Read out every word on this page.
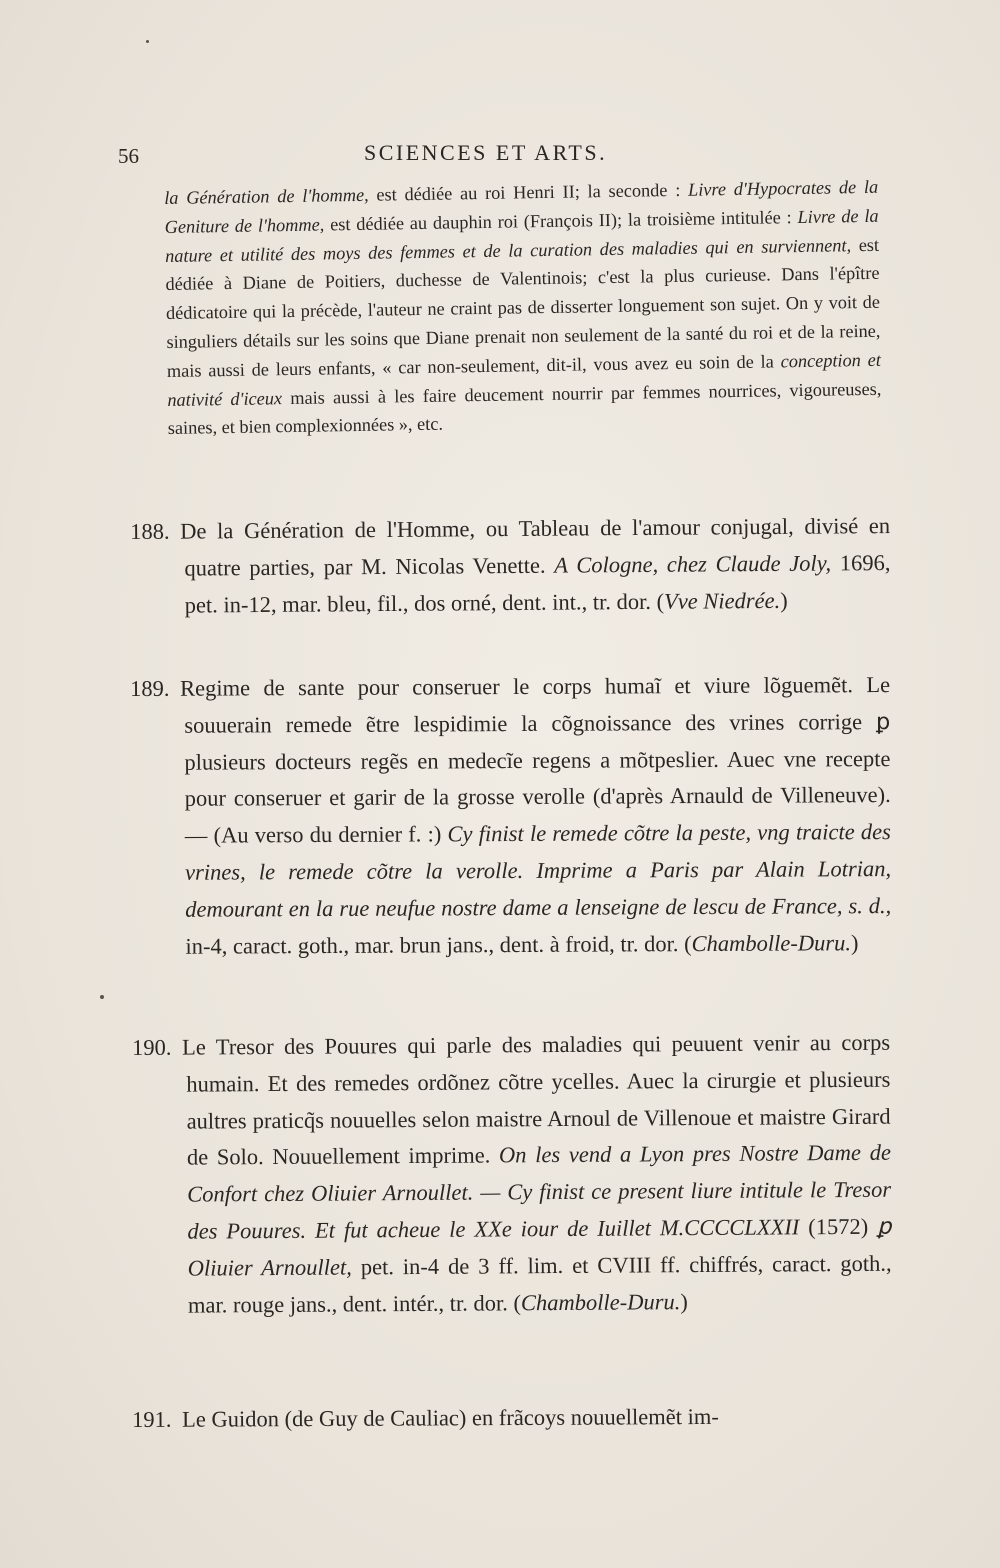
56	SCIENCES ET ARTS.

la Génération de l'homme, est dédiée au roi Henri II; la seconde : Livre d'Hypocrates de la Geniture de l'homme, est dédiée au dauphin roi (François II); la troisième intitulée : Livre de la nature et utilité des moys des femmes et de la curation des maladies qui en surviennent, est dédiée à Diane de Poitiers, duchesse de Valentinois; c'est la plus curieuse. Dans l'épître dédicatoire qui la précède, l'auteur ne craint pas de disserter longuement son sujet. On y voit de singuliers détails sur les soins que Diane prenait non seulement de la santé du roi et de la reine, mais aussi de leurs enfants, « car non-seulement, dit-il, vous avez eu soin de la conception et nativité d'iceux mais aussi à les faire deucement nourrir par femmes nourrices, vigoureuses, saines, et bien complexionnées », etc.

188. De la Génération de l'Homme, ou Tableau de l'amour conjugal, divisé en quatre parties, par M. Nicolas Venette. A Cologne, chez Claude Joly, 1696, pet. in-12, mar. bleu, fil., dos orné, dent. int., tr. dor. (Vve Niedrée.)

189. Regime de sante pour conseruer le corps humaĩ et viure lõguemẽt. Le souuerain remede ẽtre lespidimie la cõgnoissance des vrines corrige ꝑ plusieurs docteurs regẽs en medecĩe regens a mõtpeslier. Auec vne recepte pour conseruer et garir de la grosse verolle (d'après Arnauld de Villeneuve). — (Au verso du dernier f. :) Cy finist le remede cõtre la peste, vng traicte des vrines, le remede cõtre la verolle. Imprime a Paris par Alain Lotrian, demourant en la rue neufue nostre dame a lenseigne de lescu de France, s. d., in-4, caract. goth., mar. brun jans., dent. à froid, tr. dor. (Chambolle-Duru.)

190. Le Tresor des Pouures qui parle des maladies qui peuuent venir au corps humain. Et des remedes ordõnez cõtre ycelles. Auec la cirurgie et plusieurs aultres praticq̃s nouuelles selon maistre Arnoul de Villenoue et maistre Girard de Solo. Nouuellement imprime. On les vend a Lyon pres Nostre Dame de Confort chez Oliuier Arnoullet. — Cy finist ce present liure intitule le Tresor des Pouures. Et fut acheue le XXe iour de Iuillet M.CCCCLXXII (1572) ꝑ Oliuier Arnoullet, pet. in-4 de 3 ff. lim. et CVIII ff. chiffrés, caract. goth., mar. rouge jans., dent. intér., tr. dor. (Chambolle-Duru.)

191. Le Guidon (de Guy de Cauliac) en frãcoys nouuellemẽt im-
